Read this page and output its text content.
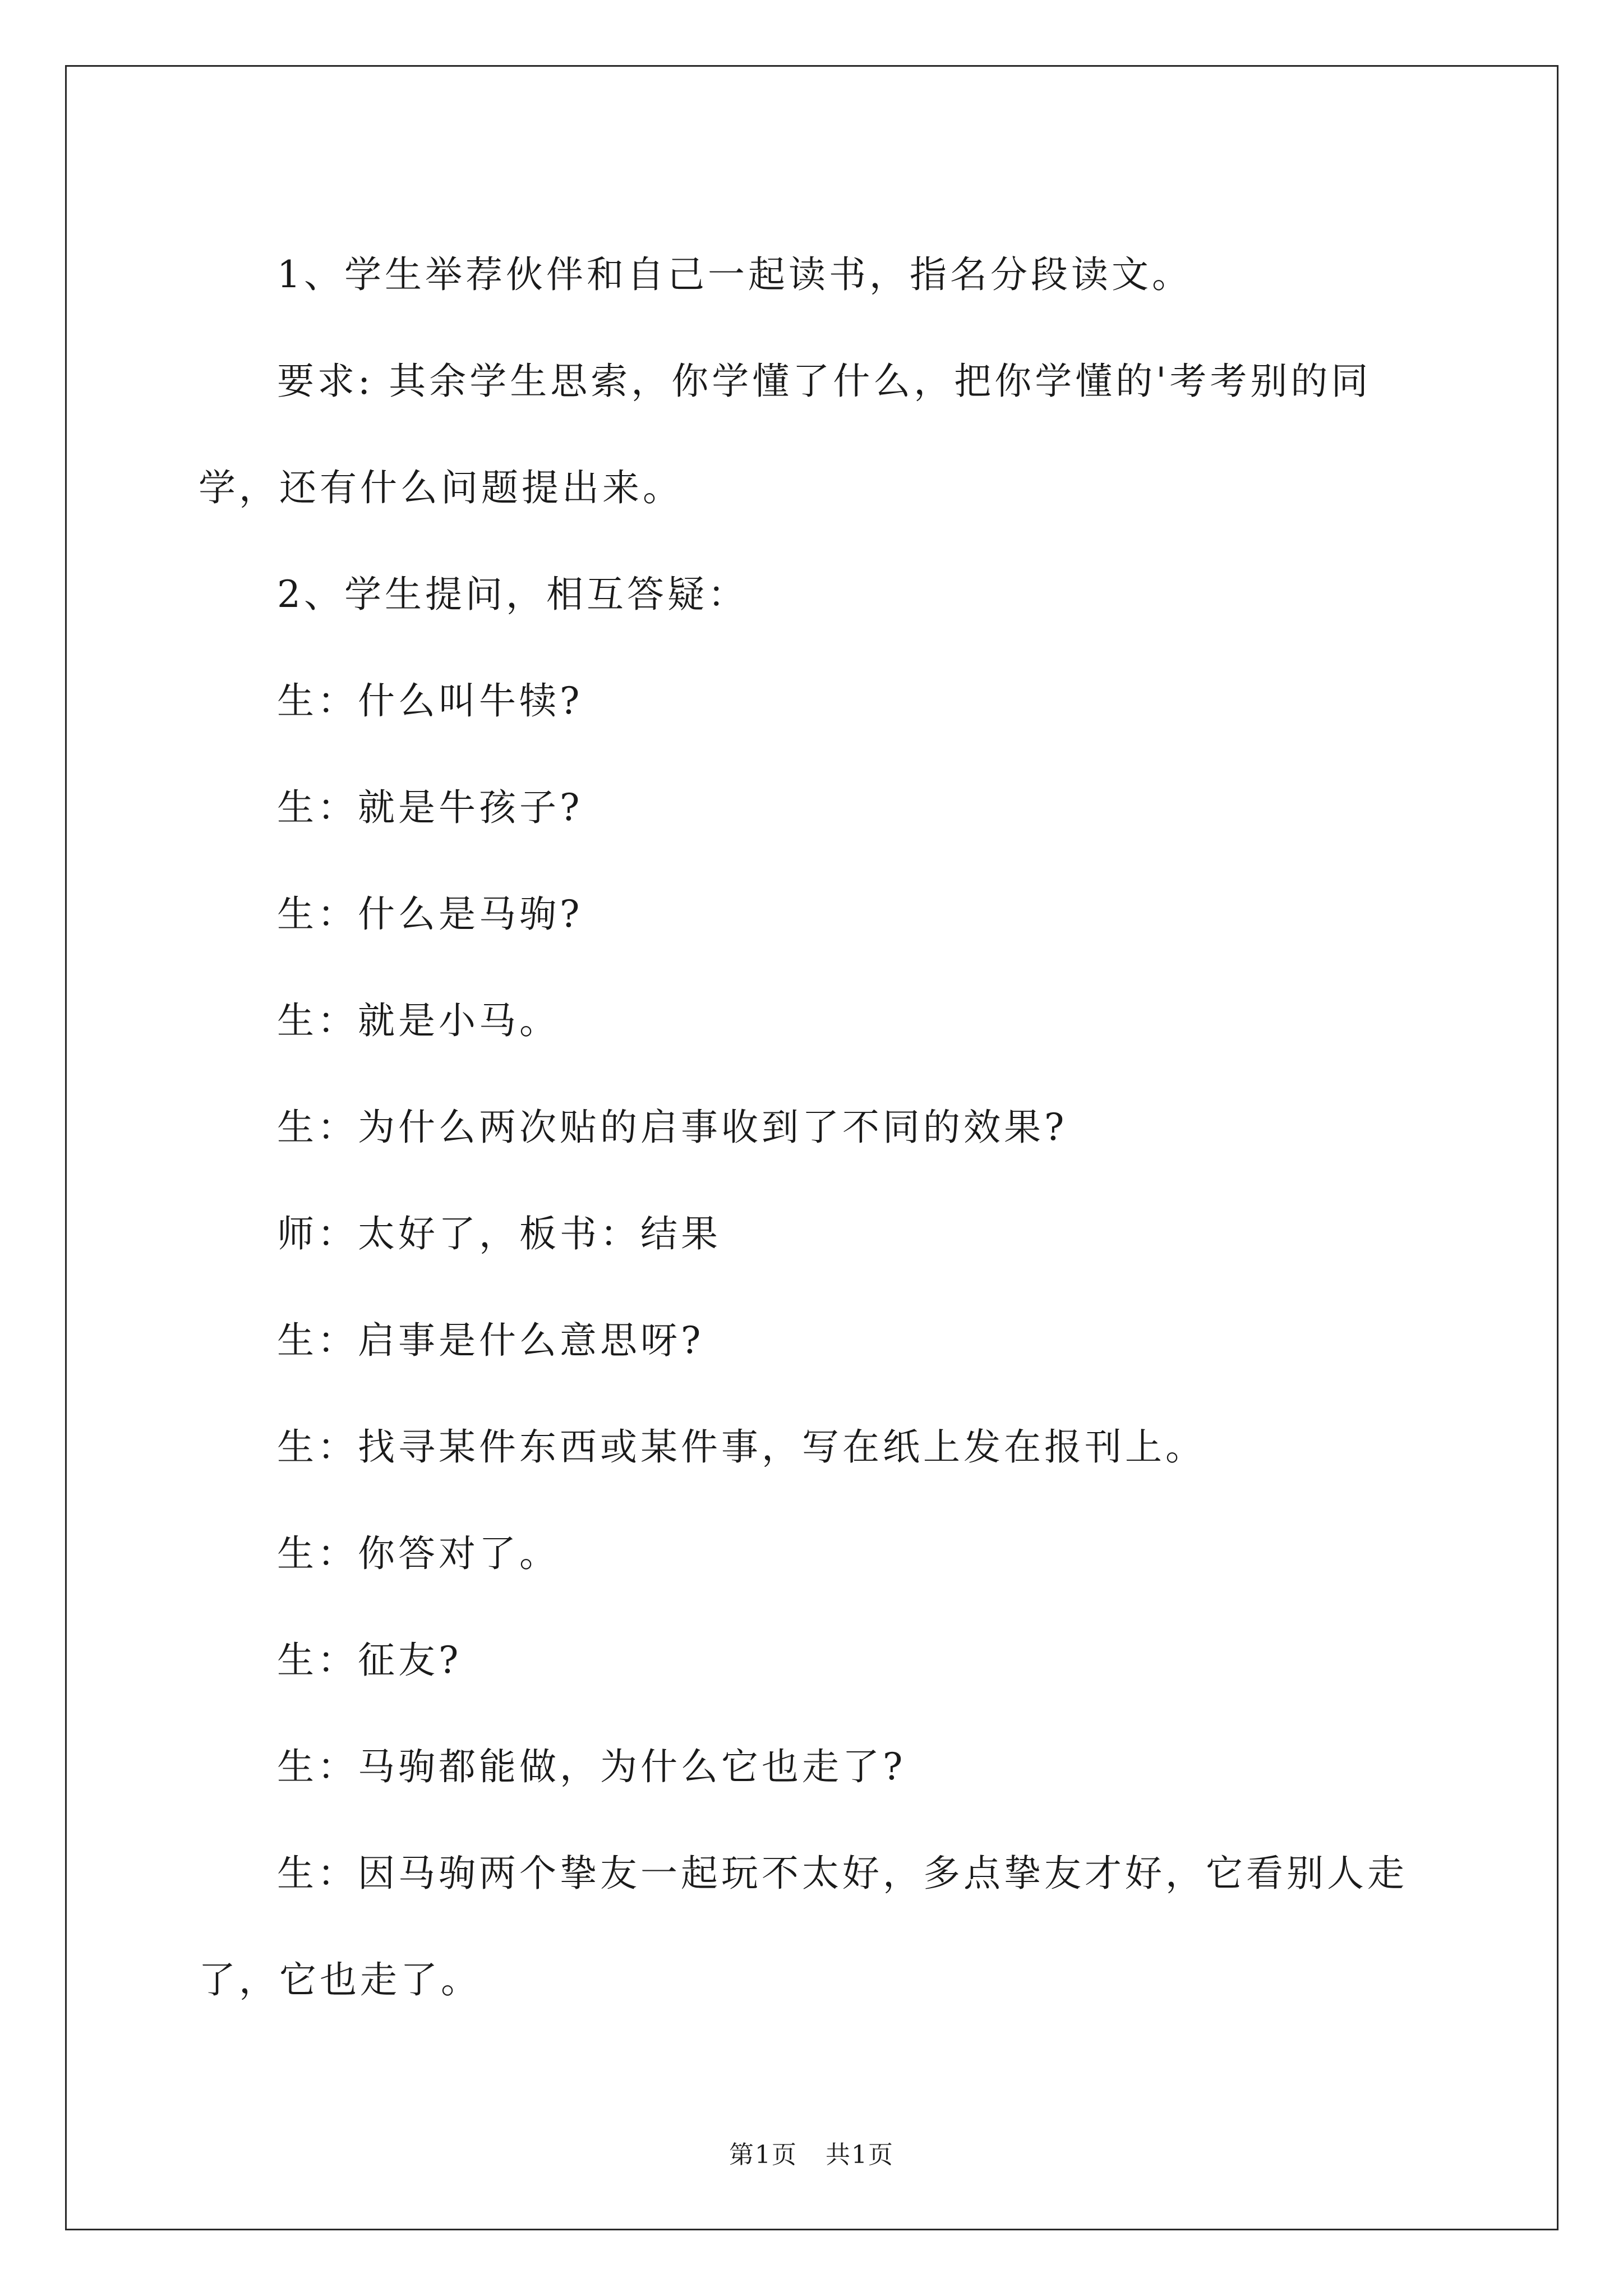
1、学生举荐伙伴和自己一起读书，指名分段读文。

要求: 其余学生思索，你学懂了什么，把你学懂的'考考别的同学，还有什么问题提出来。

2、学生提问，相互答疑：

生：什么叫牛犊?

生：就是牛孩子?

生：什么是马驹?

生：就是小马。

生：为什么两次贴的启事收到了不同的效果?

师：太好了，板书：结果

生：启事是什么意思呀?

生：找寻某件东西或某件事，写在纸上发在报刊上。

生：你答对了。

生：征友?

生：马驹都能做，为什么它也走了?

生：因马驹两个挚友一起玩不太好，多点挚友才好，它看别人走了，它也走了。

第1页 共1页
